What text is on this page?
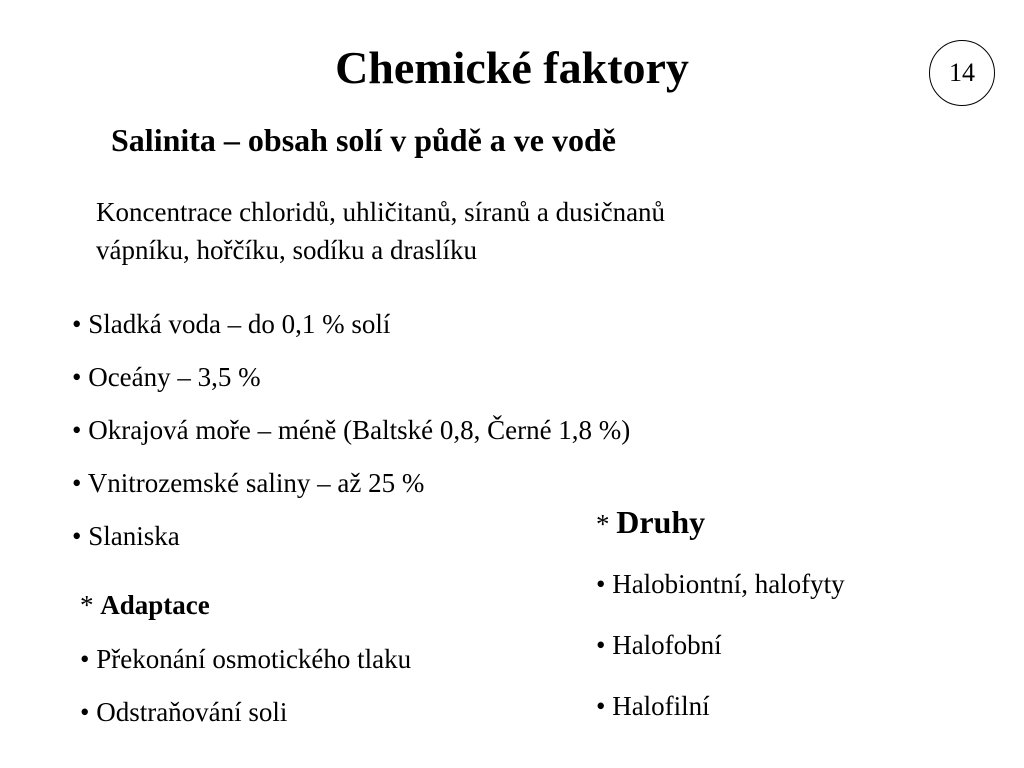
Chemické faktory	14
Salinita – obsah solí v půdě a ve vodě
Koncentrace chloridů, uhličitanů, síranů a dusičnanů
vápníku, hořčíku, sodíku a draslíku
• Sladká voda – do 0,1 % solí
• Oceány – 3,5 %
• Okrajová moře – méně (Baltské 0,8, Černé 1,8 %)
• Vnitrozemské saliny – až 25 %
• Slaniska
* Adaptace
• Překonání osmotického tlaku
• Odstraňování soli
* Druhy
• Halobiontní, halofyty
• Halofobní
• Halofilní
